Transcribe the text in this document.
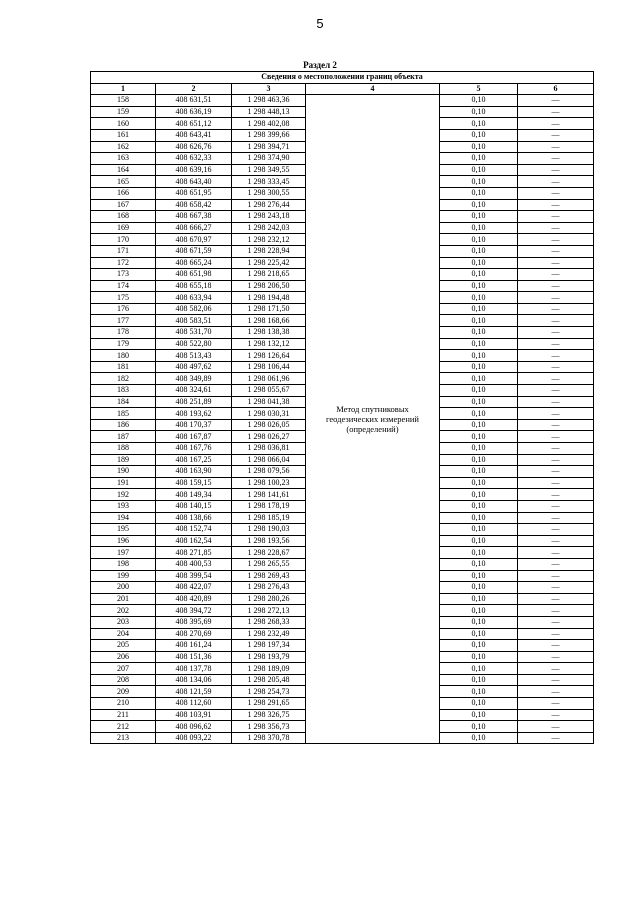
5
Раздел 2
Сведения о местоположении границ объекта					
1	2	3	4	5	6
158	408 631,51	1 298 463,36	Метод спутниковых геодезических измерений (определений)	0,10	—
159	408 636,19	1 298 448,13		0,10	—
160	408 651,12	1 298 402,08		0,10	—
161	408 643,41	1 298 399,66		0,10	—
162	408 626,76	1 298 394,71		0,10	—
163	408 632,33	1 298 374,90		0,10	—
164	408 639,16	1 298 349,55		0,10	—
165	408 643,40	1 298 333,45		0,10	—
166	408 651,95	1 298 300,55		0,10	—
167	408 658,42	1 298 276,44		0,10	—
168	408 667,38	1 298 243,18		0,10	—
169	408 666,27	1 298 242,03		0,10	—
170	408 670,97	1 298 232,12		0,10	—
171	408 671,59	1 298 228,94		0,10	—
172	408 665,24	1 298 225,42		0,10	—
173	408 651,98	1 298 218,65		0,10	—
174	408 655,18	1 298 206,50		0,10	—
175	408 633,94	1 298 194,48		0,10	—
176	408 582,06	1 298 171,50		0,10	—
177	408 583,51	1 298 168,66		0,10	—
178	408 531,70	1 298 138,38		0,10	—
179	408 522,80	1 298 132,12		0,10	—
180	408 513,43	1 298 126,64		0,10	—
181	408 497,62	1 298 106,44		0,10	—
182	408 349,89	1 298 061,96		0,10	—
183	408 324,61	1 298 055,67		0,10	—
184	408 251,89	1 298 041,38		0,10	—
185	408 193,62	1 298 030,31		0,10	—
186	408 170,37	1 298 026,05		0,10	—
187	408 167,87	1 298 026,27		0,10	—
188	408 167,76	1 298 036,81		0,10	—
189	408 167,25	1 298 066,04		0,10	—
190	408 163,90	1 298 079,56		0,10	—
191	408 159,15	1 298 100,23		0,10	—
192	408 149,34	1 298 141,61		0,10	—
193	408 140,15	1 298 178,19		0,10	—
194	408 138,66	1 298 185,19		0,10	—
195	408 152,74	1 298 190,03		0,10	—
196	408 162,54	1 298 193,56		0,10	—
197	408 271,85	1 298 228,67		0,10	—
198	408 400,53	1 298 265,55		0,10	—
199	408 399,54	1 298 269,43		0,10	—
200	408 422,07	1 298 276,43		0,10	—
201	408 420,89	1 298 280,26		0,10	—
202	408 394,72	1 298 272,13		0,10	—
203	408 395,69	1 298 268,33		0,10	—
204	408 270,69	1 298 232,49		0,10	—
205	408 161,24	1 298 197,34		0,10	—
206	408 151,36	1 298 193,79		0,10	—
207	408 137,78	1 298 189,09		0,10	—
208	408 134,06	1 298 205,48		0,10	—
209	408 121,59	1 298 254,73		0,10	—
210	408 112,60	1 298 291,65		0,10	—
211	408 103,91	1 298 326,75		0,10	—
212	408 096,62	1 298 356,73		0,10	—
213	408 093,22	1 298 370,78		0,10	—
